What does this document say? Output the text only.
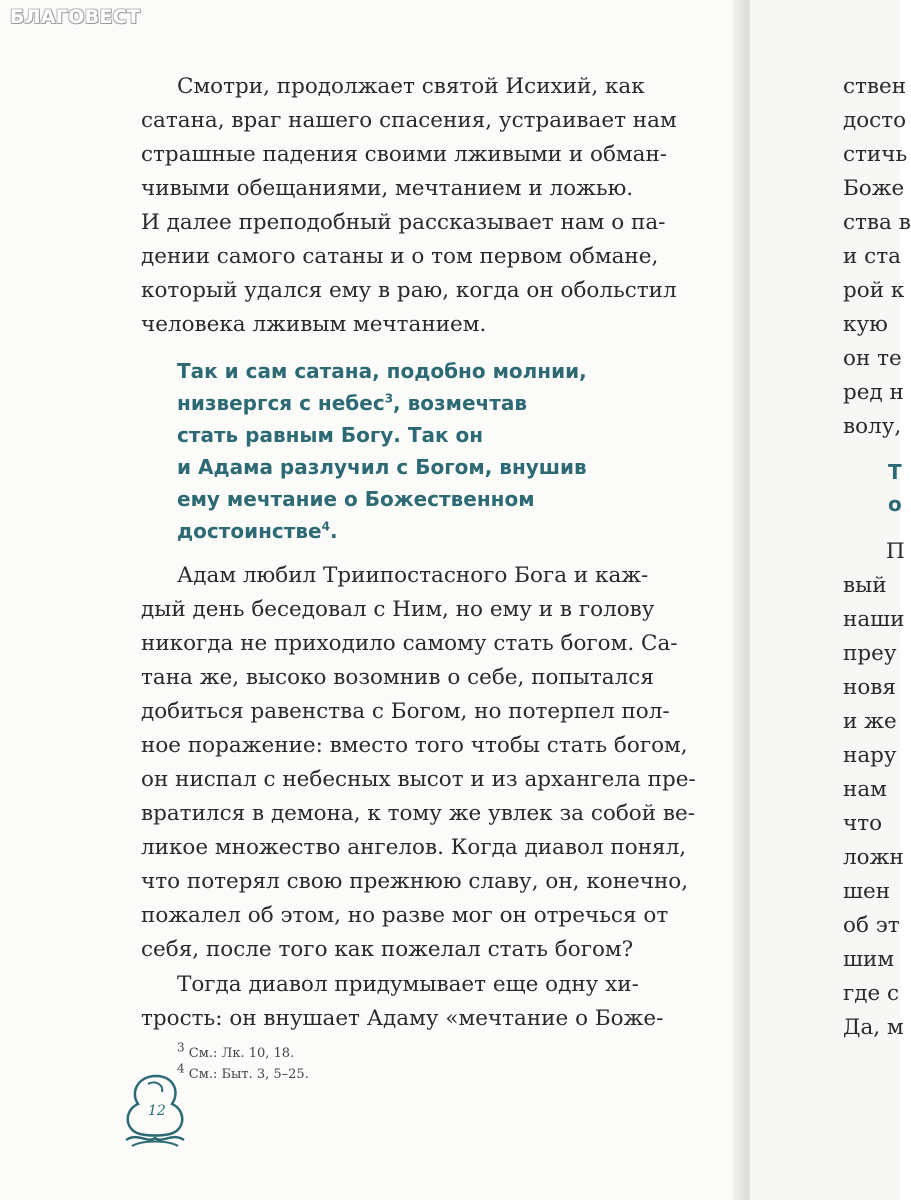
БЛАГОВЕСТ
Смотри, продолжает святой Исихий, как
сатана, враг нашего спасения, устраивает нам
страшные падения своими лживыми и обман-
чивыми обещаниями, мечтанием и ложью.
И далее преподобный рассказывает нам о па-
дении самого сатаны и о том первом обмане,
который удался ему в раю, когда он обольстил
человека лживым мечтанием.
Так и сам сатана, подобно молнии,
низвергся с небес$^3$, возмечтав
стать равным Богу. Так он
и Адама разлучил с Богом, внушив
ему мечтание о Божественном
достоинстве$^4$.
Адам любил Триипостасного Бога и каж-
дый день беседовал с Ним, но ему и в голову
никогда не приходило самому стать богом. Са-
тана же, высоко возомнив о себе, попытался
добиться равенства с Богом, но потерпел пол-
ное поражение: вместо того чтобы стать богом,
он ниспал с небесных высот и из архангела пре-
вратился в демона, к тому же увлек за собой ве-
ликое множество ангелов. Когда диавол понял,
что потерял свою прежнюю славу, он, конечно,
пожалел об этом, но разве мог он отречься от
себя, после того как пожелал стать богом?
Тогда диавол придумывает еще одну хи-
трость: он внушает Адаму «мечтание о Боже-
$^3$ См.: Лк. 10, 18.
$^4$ См.: Быт. 3, 5–25.
12
ствен
досто
стичь
Боже
ства в
и ста
рой к
кую
он те
ред н
волу,
Т
о
П
вый
наши
преу
новя
и же
нару
нам
что
ложн
шен
об эт
шим
где с
Да, м
